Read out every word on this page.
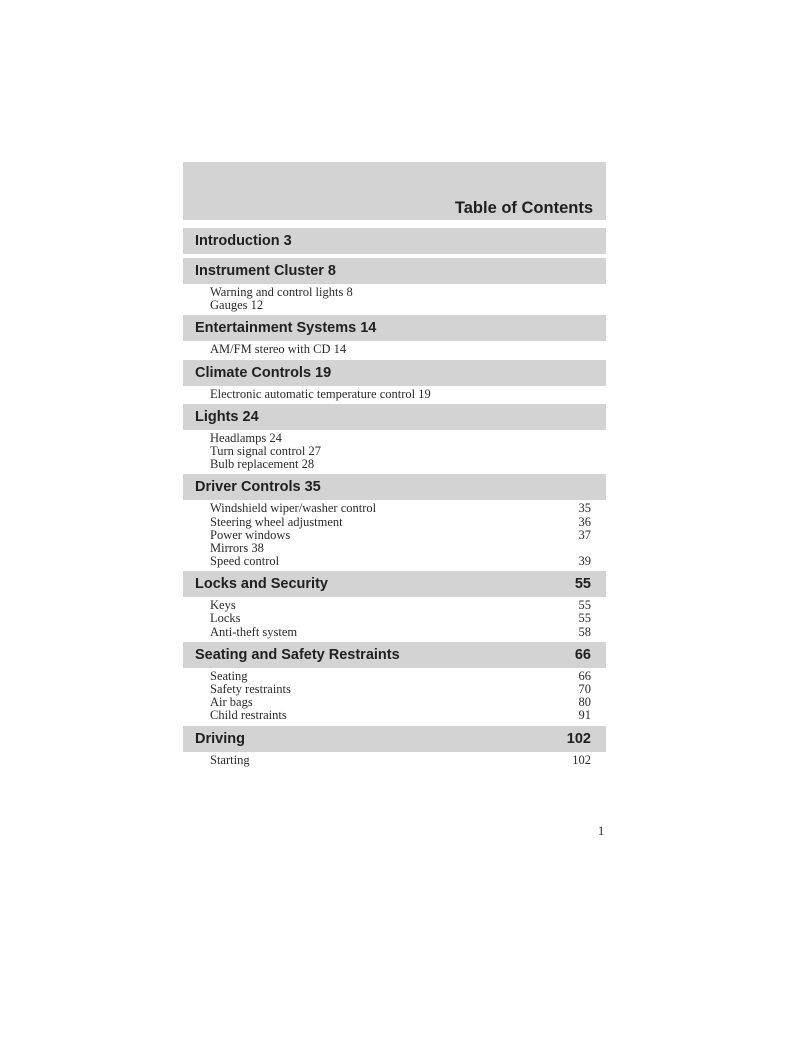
Table of Contents
Introduction 3
Instrument Cluster 8
Warning and control lights 8
Gauges 12
Entertainment Systems 14
AM/FM stereo with CD 14
Climate Controls 19
Electronic automatic temperature control 19
Lights 24
Headlamps 24
Turn signal control 27
Bulb replacement 28
Driver Controls 35
Windshield wiper/washer control	35
Steering wheel adjustment	36
Power windows	37
Mirrors 38
Speed control	39
Locks and Security	55
Keys	55
Locks	55
Anti-theft system	58
Seating and Safety Restraints	66
Seating	66
Safety restraints	70
Air bags	80
Child restraints	91
Driving	102
Starting	102
1
